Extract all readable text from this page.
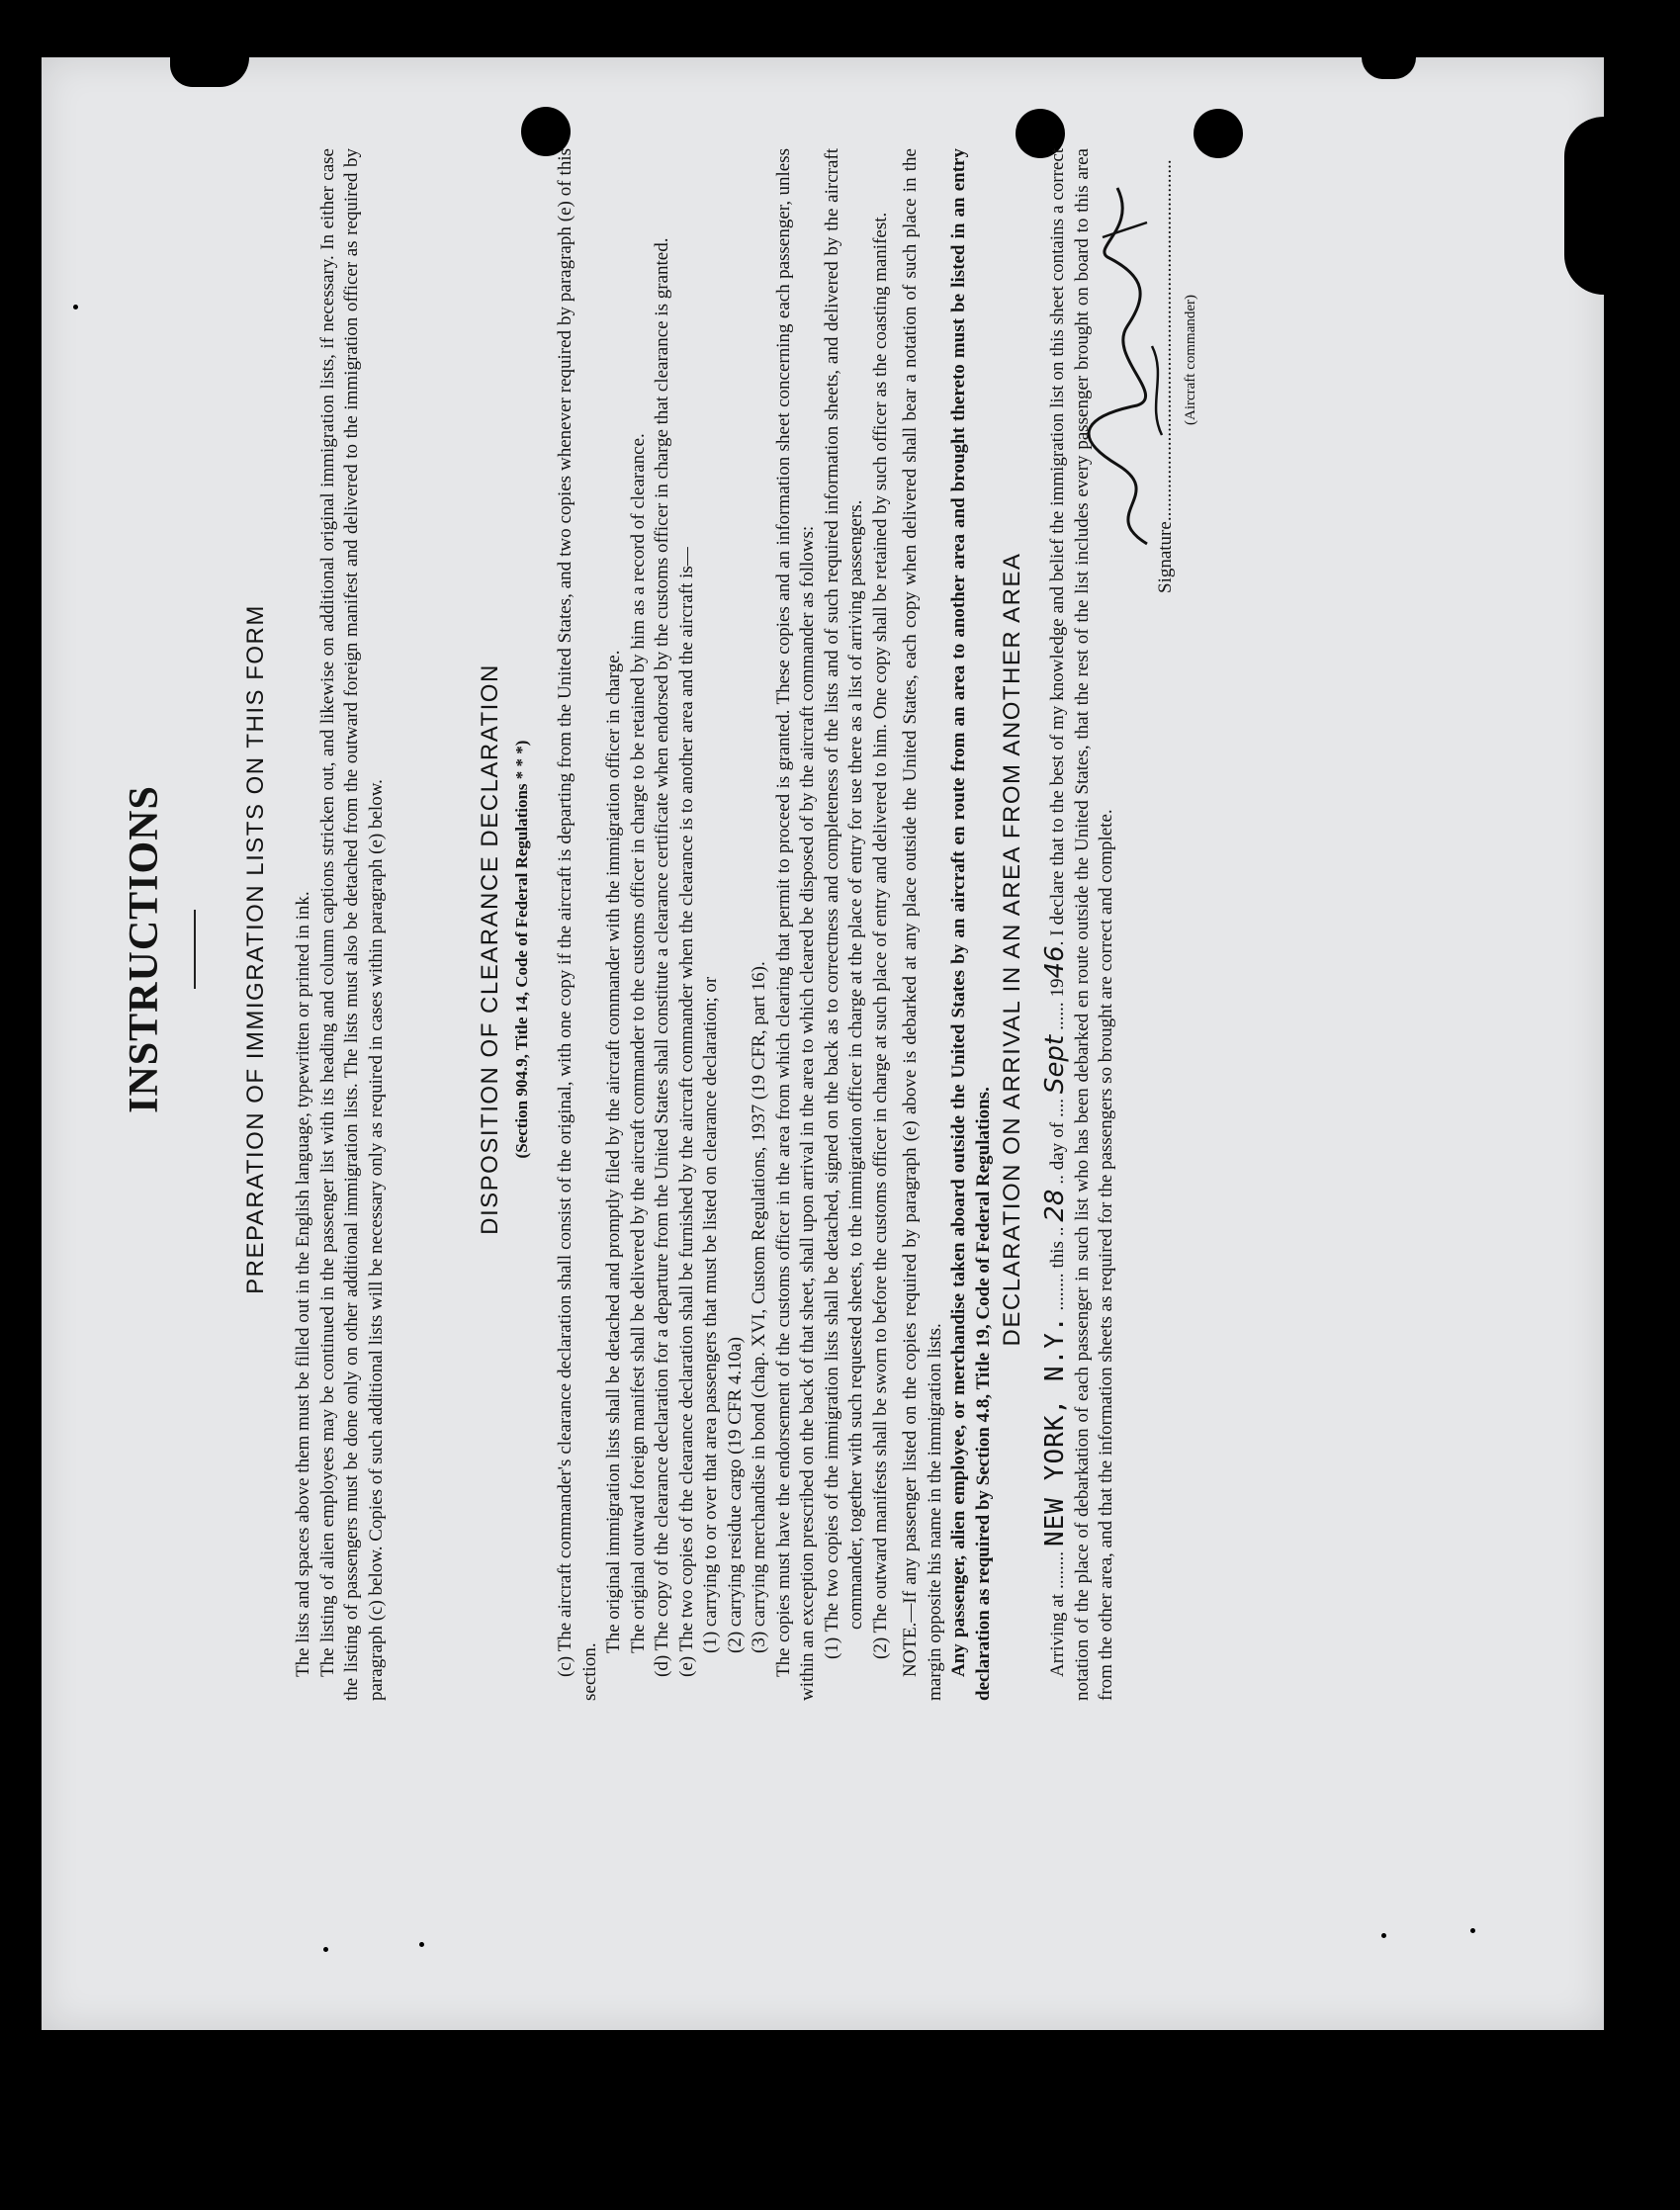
INSTRUCTIONS	PREPARATION OF IMMIGRATION LISTS ON THIS FORM The lists and spaces above them must be filled out in the English language, typewritten or printed in ink. The listing of alien employees may be continued in the passenger list with its heading and column captions stricken out, and likewise on additional original immigration lists, if necessary. In either case the listing of passengers must be done only on other additional immigration lists. The lists must also be detached from the outward foreign manifest and delivered to the immigration officer as required by paragraph (c) below. Copies of such additional lists will be necessary only as required in cases within paragraph (e) below.	DISPOSITION OF CLEARANCE DECLARATION (Section 904.9, Title 14, Code of Federal Regulations * * *) (c) The aircraft commander's clearance declaration shall consist of the original, with one copy if the aircraft is departing from the United States, and two copies whenever required by paragraph (e) of this section.

The original immigration lists shall be detached and promptly filed by the aircraft commander with the immigration officer in charge. The original outward foreign manifest shall be delivered by the aircraft commander to the customs officer in charge to be retained by him as a record of clearance. (d) The copy of the clearance declaration for a departure from the United States shall constitute a clearance certificate when endorsed by the customs officer in charge that clearance is granted. (e) The two copies of the clearance declaration shall be furnished by the aircraft commander when the clearance is to another area and the aircraft is— (1) carrying to or over that area passengers that must be listed on clearance declaration; or (2) carrying residue cargo (19 CFR 4.10a) (3) carrying merchandise in bond (chap. XVI, Custom Regulations, 1937 (19 CFR, part 16). The copies must have the endorsement of the customs officer in the area from which clearing that permit to proceed is granted. These copies and an information sheet concerning each passenger, unless within an exception prescribed on the back of that sheet, shall upon arrival in the area to which cleared be disposed of by the aircraft commander as follows: (1) The two copies of the immigration lists shall be detached, signed on the back as to correctness and completeness of the lists and of such required information sheets, and delivered by the aircraft commander, together with such requested sheets, to the immigration officer in charge at the place of entry for use there as a list of arriving passengers. (2) The outward manifests shall be sworn to before the customs officer in charge at such place of entry and delivered to him. One copy shall be retained by such officer as the coasting manifest. NOTE.—If any passenger listed on the copies required by paragraph (e) above is debarked at any place outside the United States, each copy when delivered shall bear a notation of such place in the margin opposite his name in the immigration lists. Any passenger, alien employee, or merchandise taken aboard outside the United States by an aircraft en route from an area to another area and brought thereto must be listed in an entry declaration as required by Section 4.8, Title 19, Code of Federal Regulations.

DECLARATION ON ARRIVAL IN AN AREA FROM ANOTHER AREA

Arriving at ........ NEW YORK, N.Y. ........ this .. 28 .. day of .... Sept ...... 1946. I declare that to the best of my knowledge and belief the immigration list on this sheet contains a correct notation of the place of debarkation of each passenger in such list who has been debarked en route outside the United States, that the rest of the list includes every passenger brought on board to this area from the other area, and that the information sheets as required for the passengers so brought are correct and complete.

Signature............................................................................. (Aircraft commander)
